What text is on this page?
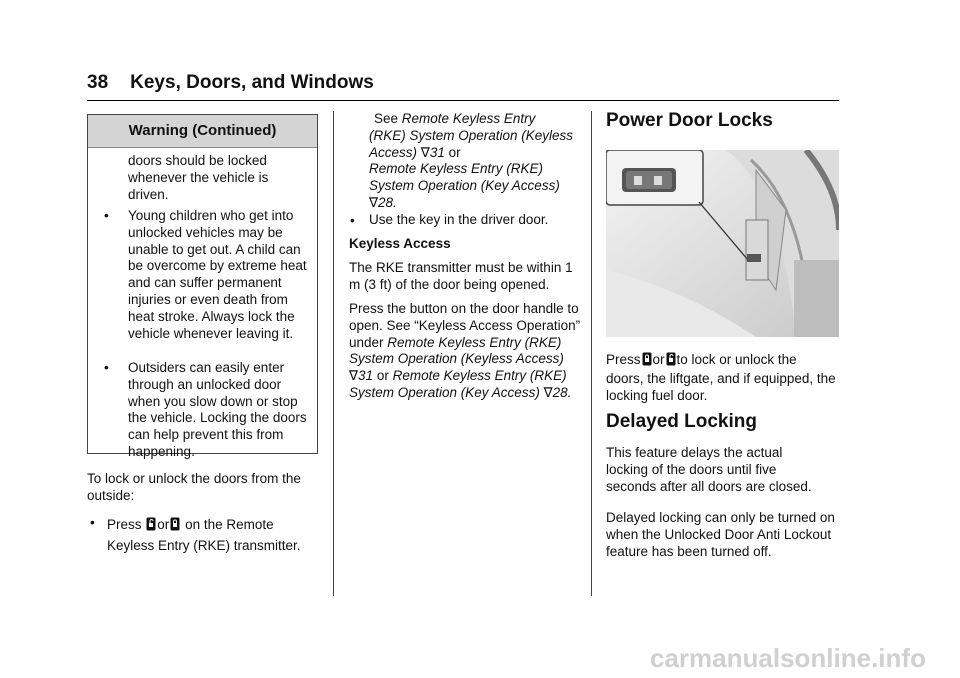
38 Keys, Doors, and Windows
Warning (Continued)
doors should be locked whenever the vehicle is driven.
• Young children who get into unlocked vehicles may be unable to get out. A child can be overcome by extreme heat and can suffer permanent injuries or even death from heat stroke. Always lock the vehicle whenever leaving it.
• Outsiders can easily enter through an unlocked door when you slow down or stop the vehicle. Locking the doors can help prevent this from happening.
To lock or unlock the doors from the outside:
• Press or on the Remote
Keyless Entry (RKE) transmitter.
See Remote Keyless Entry (RKE) System Operation (Keyless Access) ∇31 or
Remote Keyless Entry (RKE) System Operation (Key Access) ∇28.
• Use the key in the driver door.
Keyless Access
The RKE transmitter must be within 1 m (3 ft) of the door being opened.
Press the button on the door handle to open. See “Keyless Access Operation” under Remote Keyless Entry (RKE) System Operation (Keyless Access) ∇31 or Remote Keyless Entry (RKE) System Operation (Key Access) ∇28.
Power Door Locks
Press or to lock or unlock the
doors, the liftgate, and if equipped, the locking fuel door.
Delayed Locking
This feature delays the actual locking of the doors until five seconds after all doors are closed.
Delayed locking can only be turned on when the Unlocked Door Anti Lockout feature has been turned off.
carmanualsonline.info
